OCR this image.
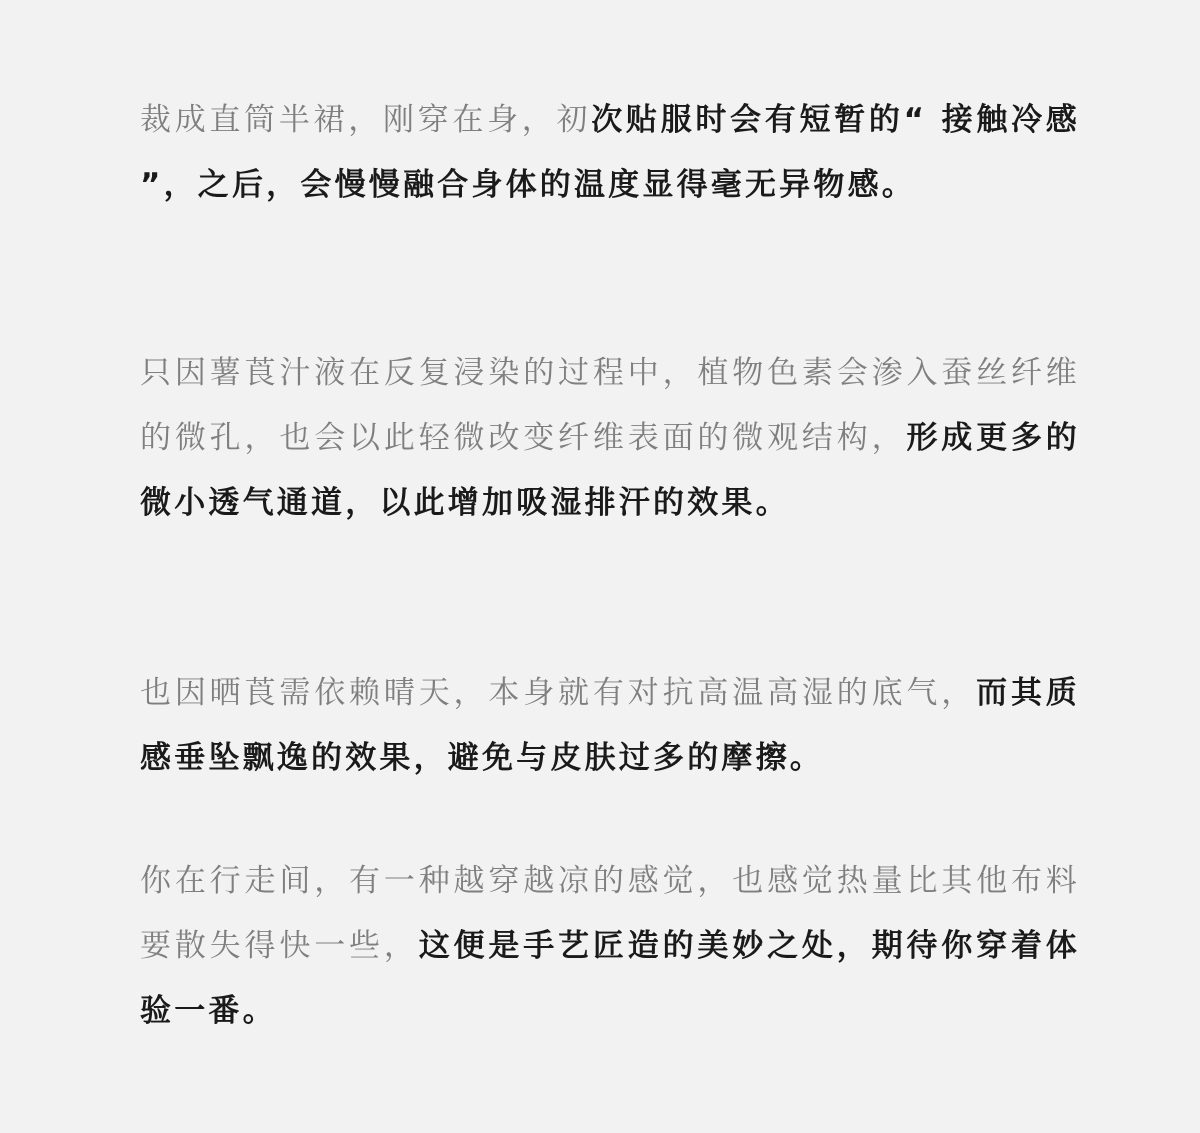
裁成直筒半裙，刚穿在身，初次贴服时会有短暂的“ 接触冷感 ”，之后，会慢慢融合身体的温度显得毫无异物感。

只因薯莨汁液在反复浸染的过程中，植物色素会渗入蚕丝纤维的微孔，也会以此轻微改变纤维表面的微观结构，形成更多的微小透气通道，以此增加吸湿排汗的效果。

也因晒莨需依赖晴天，本身就有对抗高温高湿的底气，而其质感垂坠飘逸的效果，避免与皮肤过多的摩擦。

你在行走间，有一种越穿越凉的感觉，也感觉热量比其他布料要散失得快一些，这便是手艺匠造的美妙之处，期待你穿着体验一番。
